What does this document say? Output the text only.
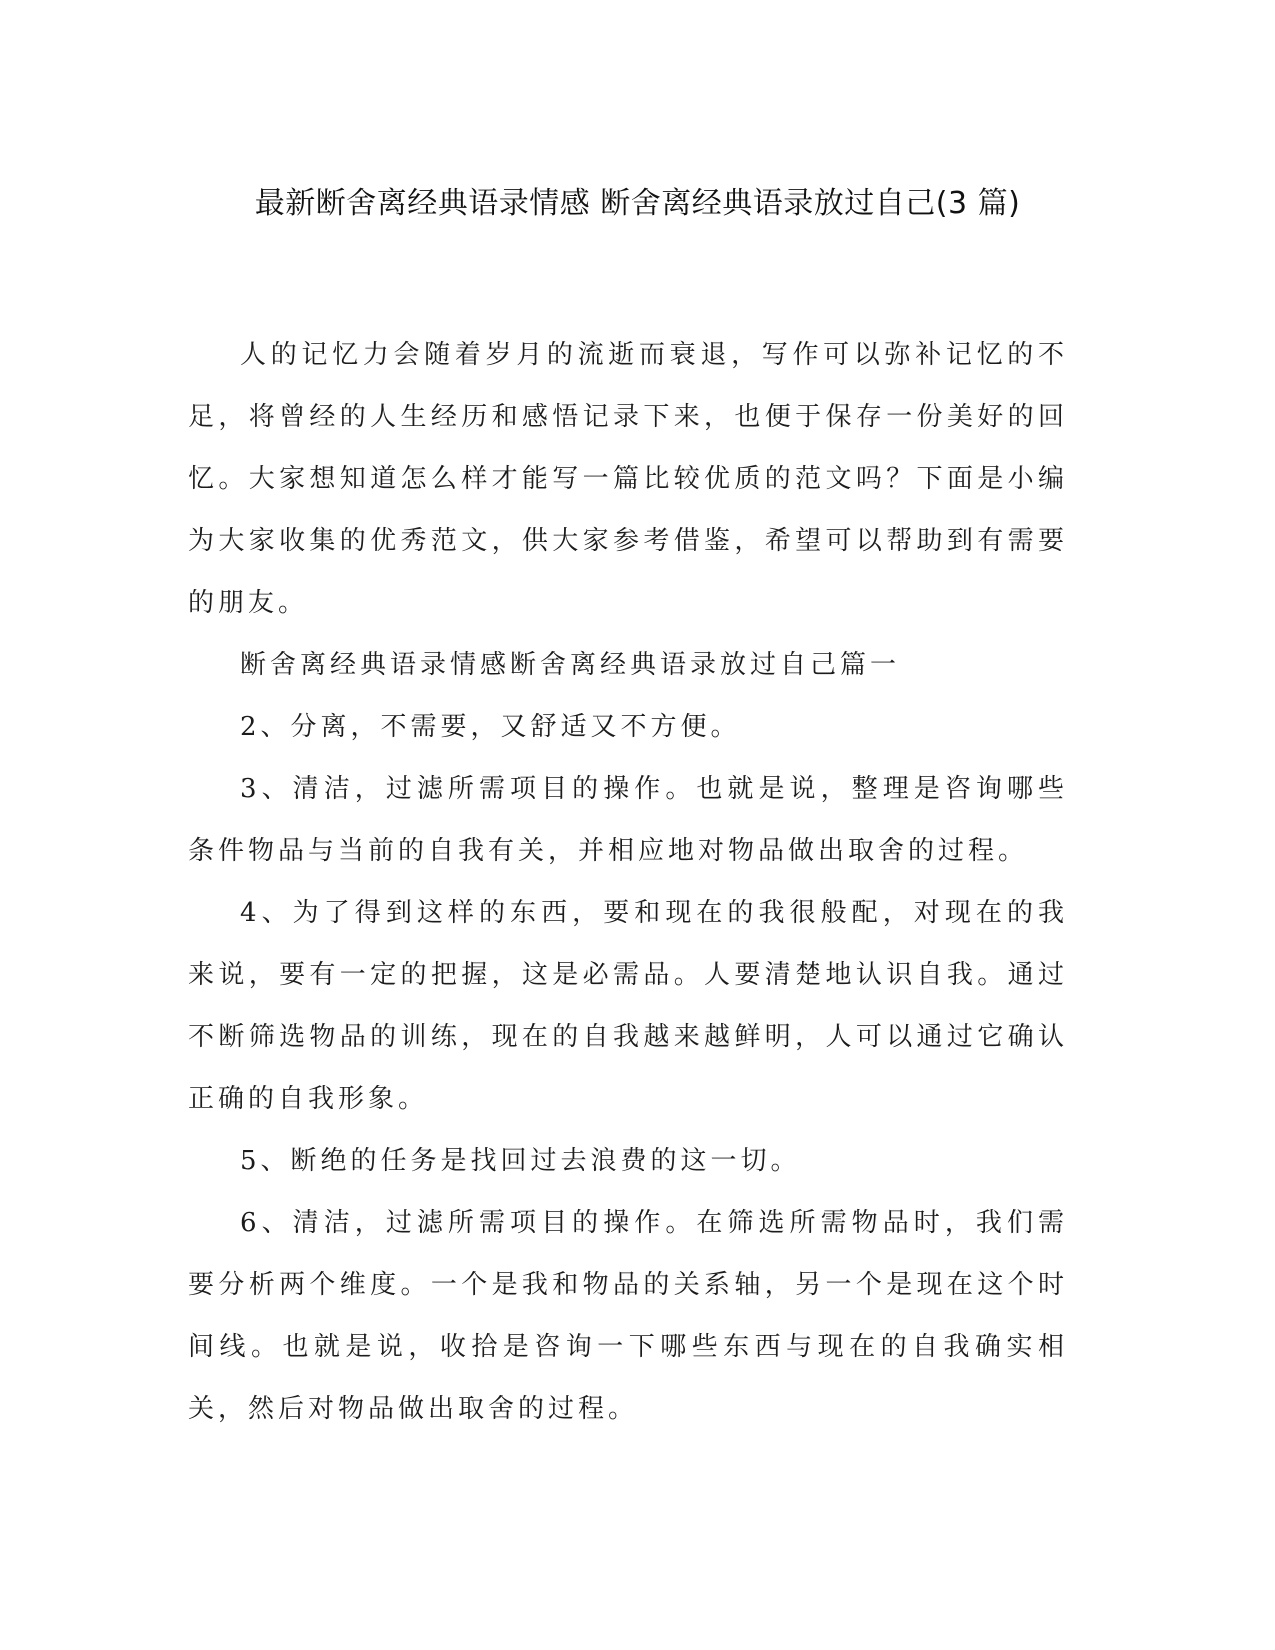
最新断舍离经典语录情感 断舍离经典语录放过自己(3 篇)

人的记忆力会随着岁月的流逝而衰退，写作可以弥补记忆的不足，将曾经的人生经历和感悟记录下来，也便于保存一份美好的回忆。大家想知道怎么样才能写一篇比较优质的范文吗？下面是小编为大家收集的优秀范文，供大家参考借鉴，希望可以帮助到有需要的朋友。

断舍离经典语录情感断舍离经典语录放过自己篇一

2、分离，不需要，又舒适又不方便。

3、清洁，过滤所需项目的操作。也就是说，整理是咨询哪些条件物品与当前的自我有关，并相应地对物品做出取舍的过程。

4、为了得到这样的东西，要和现在的我很般配，对现在的我来说，要有一定的把握，这是必需品。人要清楚地认识自我。通过不断筛选物品的训练，现在的自我越来越鲜明，人可以通过它确认正确的自我形象。

5、断绝的任务是找回过去浪费的这一切。

6、清洁，过滤所需项目的操作。在筛选所需物品时，我们需要分析两个维度。一个是我和物品的关系轴，另一个是现在这个时间线。也就是说，收拾是咨询一下哪些东西与现在的自我确实相关，然后对物品做出取舍的过程。
